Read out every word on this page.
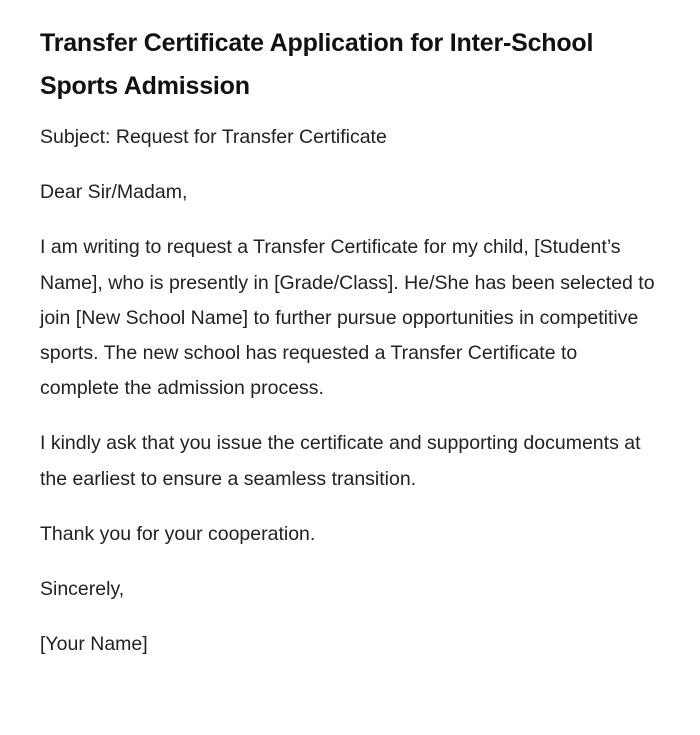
Transfer Certificate Application for Inter-School Sports Admission

Subject: Request for Transfer Certificate

Dear Sir/Madam,

I am writing to request a Transfer Certificate for my child, [Student’s Name], who is presently in [Grade/Class]. He/She has been selected to join [New School Name] to further pursue opportunities in competitive sports. The new school has requested a Transfer Certificate to complete the admission process.

I kindly ask that you issue the certificate and supporting documents at the earliest to ensure a seamless transition.

Thank you for your cooperation.

Sincerely,

[Your Name]
